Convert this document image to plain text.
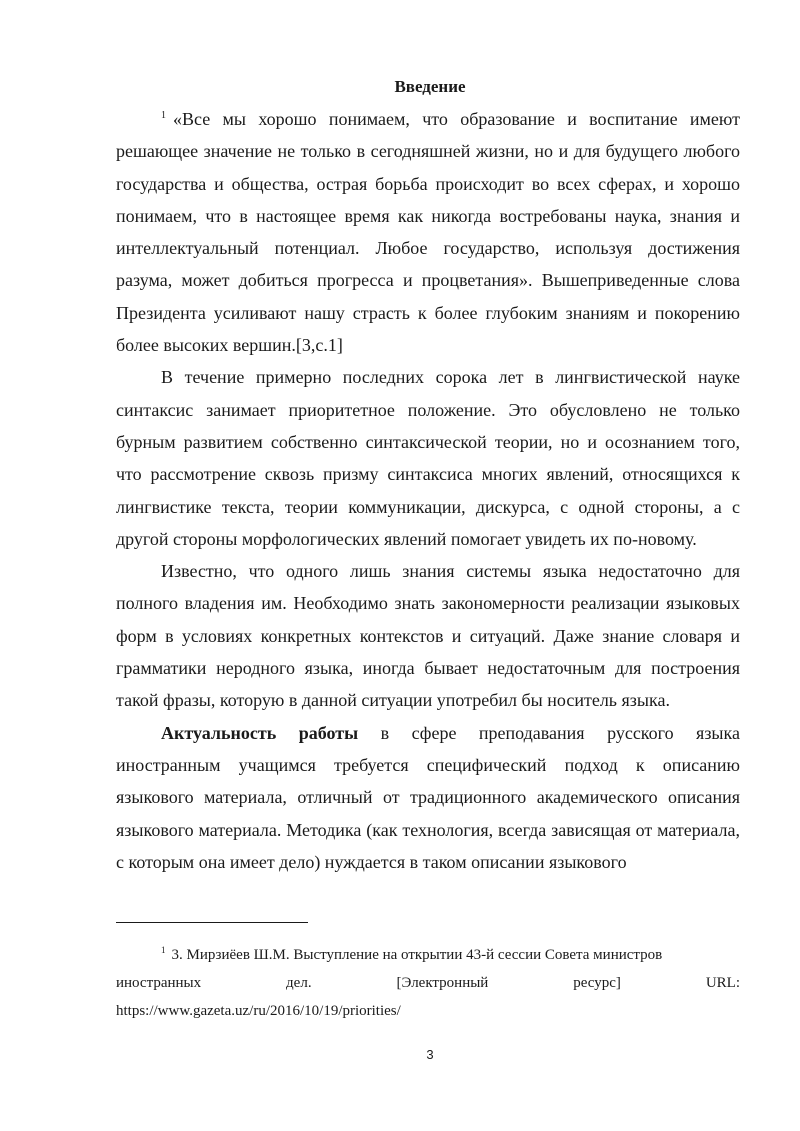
Введение

$^1$ «Все мы хорошо понимаем, что образование и воспитание имеют решающее значение не только в сегодняшней жизни, но и для будущего любого государства и общества, острая борьба происходит во всех сферах, и хорошо понимаем, что в настоящее время как никогда востребованы наука, знания и интеллектуальный потенциал. Любое государство, используя достижения разума, может добиться прогресса и процветания». Вышеприведенные слова Президента усиливают нашу страсть к более глубоким знаниям и покорению более высоких вершин.[3,с.1]

В течение примерно последних сорока лет в лингвистической науке синтаксис занимает приоритетное положение. Это обусловлено не только бурным развитием собственно синтаксической теории, но и осознанием того, что рассмотрение сквозь призму синтаксиса многих явлений, относящихся к лингвистике текста, теории коммуникации, дискурса, с одной стороны, а с другой стороны морфологических явлений помогает увидеть их по-новому.

Известно, что одного лишь знания системы языка недостаточно для полного владения им. Необходимо знать закономерности реализации языковых форм в условиях конкретных контекстов и ситуаций. Даже знание словаря и грамматики неродного языка, иногда бывает недостаточным для построения такой фразы, которую в данной ситуации употребил бы носитель языка.

Актуальность работы в сфере преподавания русского языка иностранным учащимся требуется специфический подход к описанию языкового материала, отличный от традиционного академического описания языкового материала. Методика (как технология, всегда зависящая от материала, с которым она имеет дело) нуждается в таком описании языкового

$^1$ 3. Мирзиёев Ш.М. Выступление на открытии 43-й сессии Совета министров
иностранных дел. [Электронный ресурс] URL:
https://www.gazeta.uz/ru/2016/10/19/priorities/
3
